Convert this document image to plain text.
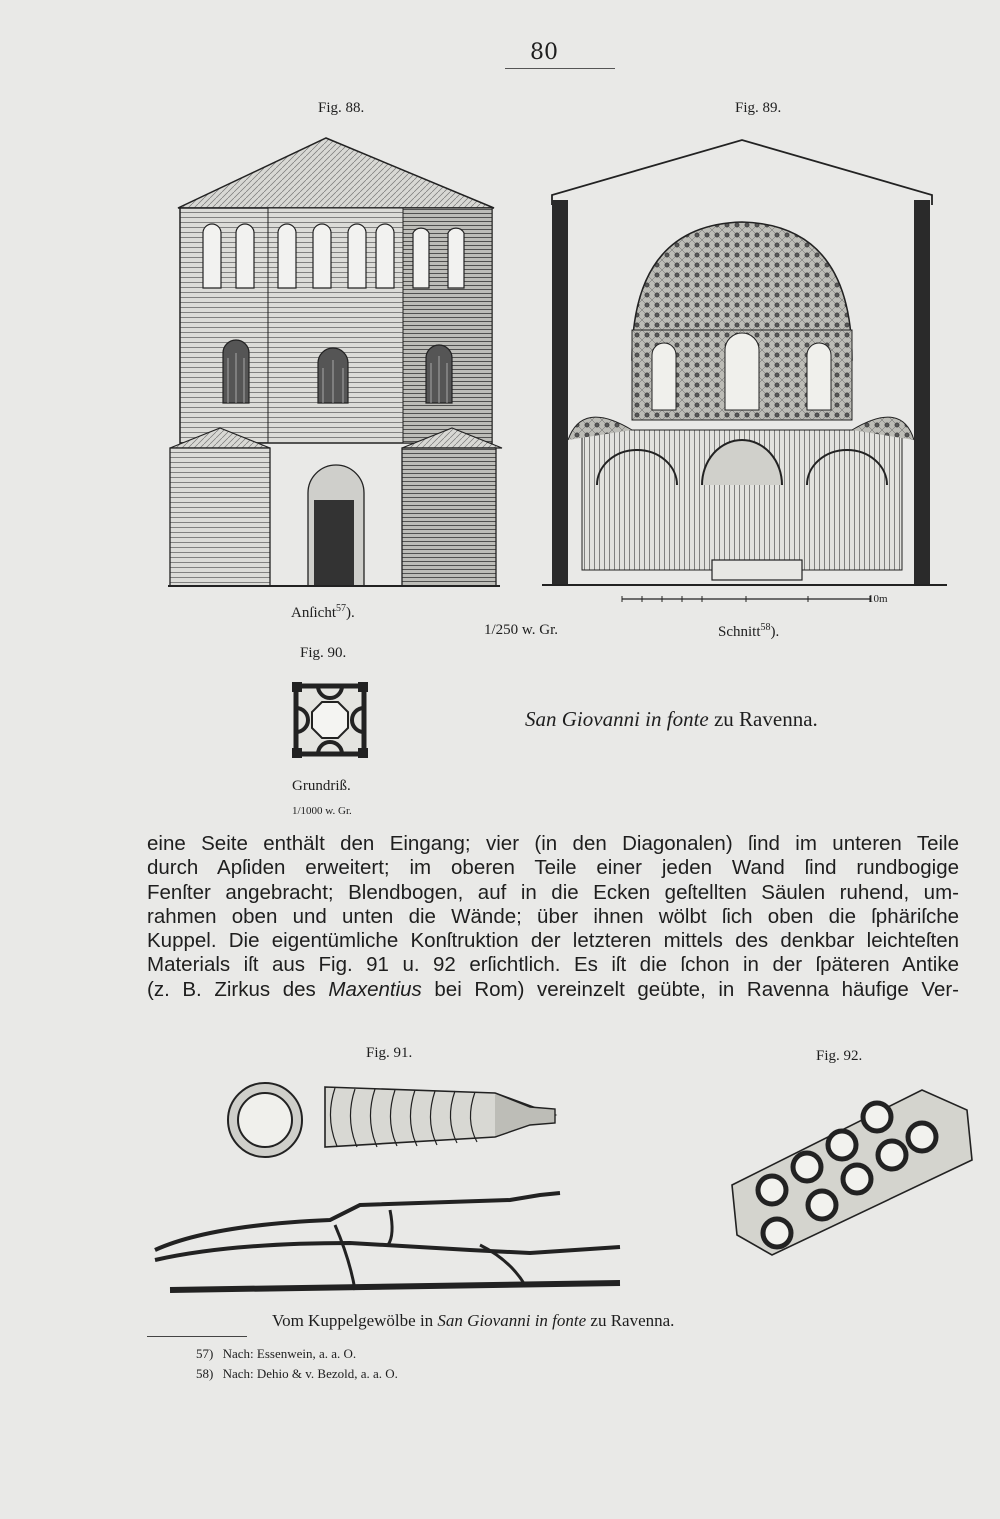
80
Fig. 88.	Fig. 89.
10m
Anſicht$^{57}$).
1/250 w. Gr.	Schnitt$^{58}$).
Fig. 90.
Grundriß.
1/1000 w. Gr.
San Giovanni in fonte zu Ravenna.
eine Seite enthält den Eingang; vier (in den Diagonalen) ſind im unteren Teile
durch Apſiden erweitert; im oberen Teile einer jeden Wand ſind rundbogige
Fenſter angebracht; Blendbogen, auf in die Ecken geſtellten Säulen ruhend, um-
rahmen oben und unten die Wände; über ihnen wölbt ſich oben die ſphäriſche
Kuppel. Die eigentümliche Konſtruktion der letzteren mittels des denkbar leichteſten
Materials iſt aus Fig. 91 u. 92 erſichtlich. Es iſt die ſchon in der ſpäteren Antike
(z. B. Zirkus des Maxentius bei Rom) vereinzelt geübte, in Ravenna häufige Ver-
Fig. 91.	Fig. 92.
Vom Kuppelgewölbe in San Giovanni in fonte zu Ravenna.
57) Nach: Essenwein, a. a. O.
58) Nach: Dehio & v. Bezold, a. a. O.
